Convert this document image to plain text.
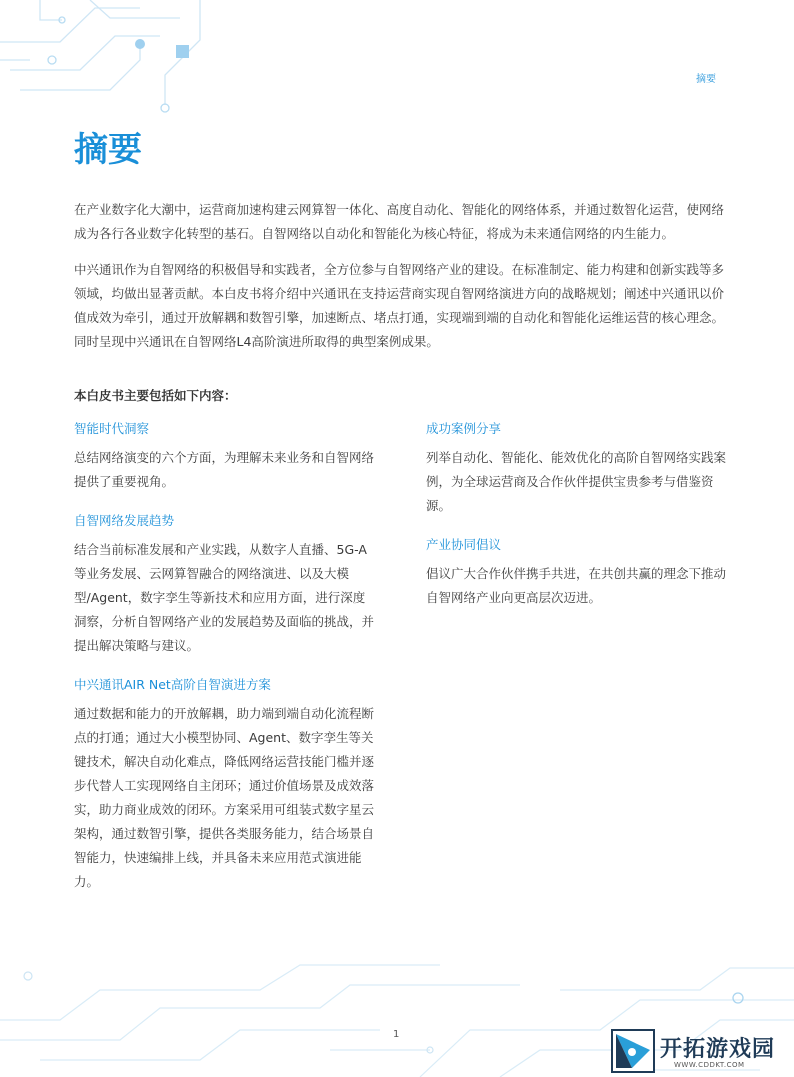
摘要
摘要

在产业数字化大潮中，运营商加速构建云网算智一体化、高度自动化、智能化的网络体系，并通过数智化运营，使网络成为各行各业数字化转型的基石。自智网络以自动化和智能化为核心特征，将成为未来通信网络的内生能力。

中兴通讯作为自智网络的积极倡导和实践者，全方位参与自智网络产业的建设。在标准制定、能力构建和创新实践等多领域，均做出显著贡献。本白皮书将介绍中兴通讯在支持运营商实现自智网络演进方向的战略规划；阐述中兴通讯以价值成效为牵引，通过开放解耦和数智引擎，加速断点、堵点打通，实现端到端的自动化和智能化运维运营的核心理念。同时呈现中兴通讯在自智网络L4高阶演进所取得的典型案例成果。

本白皮书主要包括如下内容：
智能时代洞察
总结网络演变的六个方面，为理解未来业务和自智网络提供了重要视角。
自智网络发展趋势
结合当前标准发展和产业实践，从数字人直播、5G-A等业务发展、云网算智融合的网络演进、以及大模型/Agent，数字孪生等新技术和应用方面，进行深度洞察，分析自智网络产业的发展趋势及面临的挑战，并提出解决策略与建议。
中兴通讯AIR Net高阶自智演进方案
通过数据和能力的开放解耦，助力端到端自动化流程断点的打通；通过大小模型协同、Agent、数字孪生等关键技术，解决自动化难点，降低网络运营技能门槛并逐步代替人工实现网络自主闭环；通过价值场景及成效落实，助力商业成效的闭环。方案采用可组装式数字星云架构，通过数智引擎，提供各类服务能力，结合场景自智能力，快速编排上线，并具备未来应用范式演进能力。
成功案例分享
列举自动化、智能化、能效优化的高阶自智网络实践案例，为全球运营商及合作伙伴提供宝贵参考与借鉴资源。
产业协同倡议
倡议广大合作伙伴携手共进，在共创共赢的理念下推动自智网络产业向更高层次迈进。
1
开拓游戏园
WWW.CDDKT.COM
